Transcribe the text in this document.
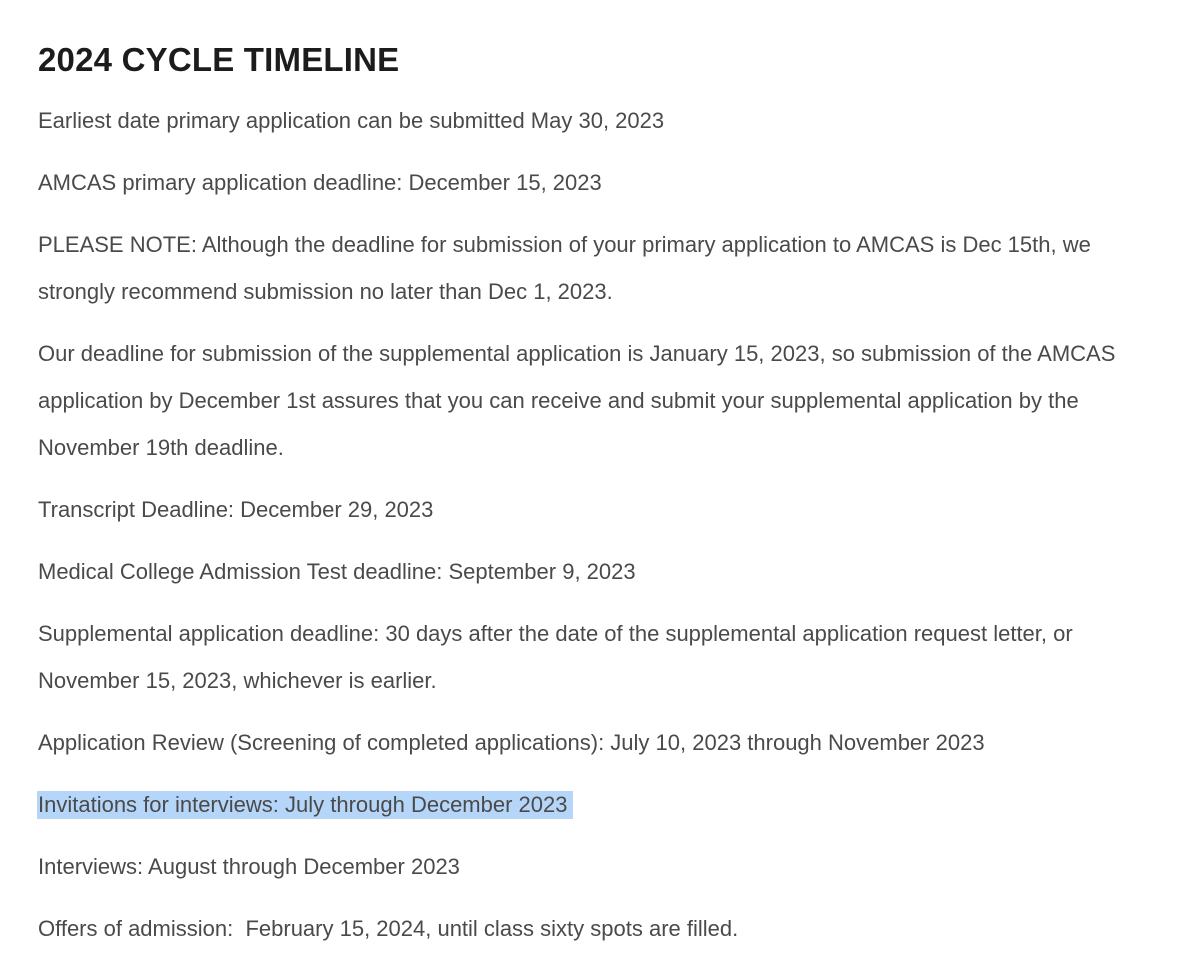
2024 CYCLE TIMELINE

Earliest date primary application can be submitted May 30, 2023

AMCAS primary application deadline: December 15, 2023

PLEASE NOTE: Although the deadline for submission of your primary application to AMCAS is Dec 15th, we strongly recommend submission no later than Dec 1, 2023.

Our deadline for submission of the supplemental application is January 15, 2023, so submission of the AMCAS application by December 1st assures that you can receive and submit your supplemental application by the November 19th deadline.

Transcript Deadline: December 29, 2023

Medical College Admission Test deadline: September 9, 2023

Supplemental application deadline: 30 days after the date of the supplemental application request letter, or November 15, 2023, whichever is earlier.

Application Review (Screening of completed applications): July 10, 2023 through November 2023

Invitations for interviews: July through December 2023

Interviews: August through December 2023

Offers of admission:  February 15, 2024, until class sixty spots are filled.
